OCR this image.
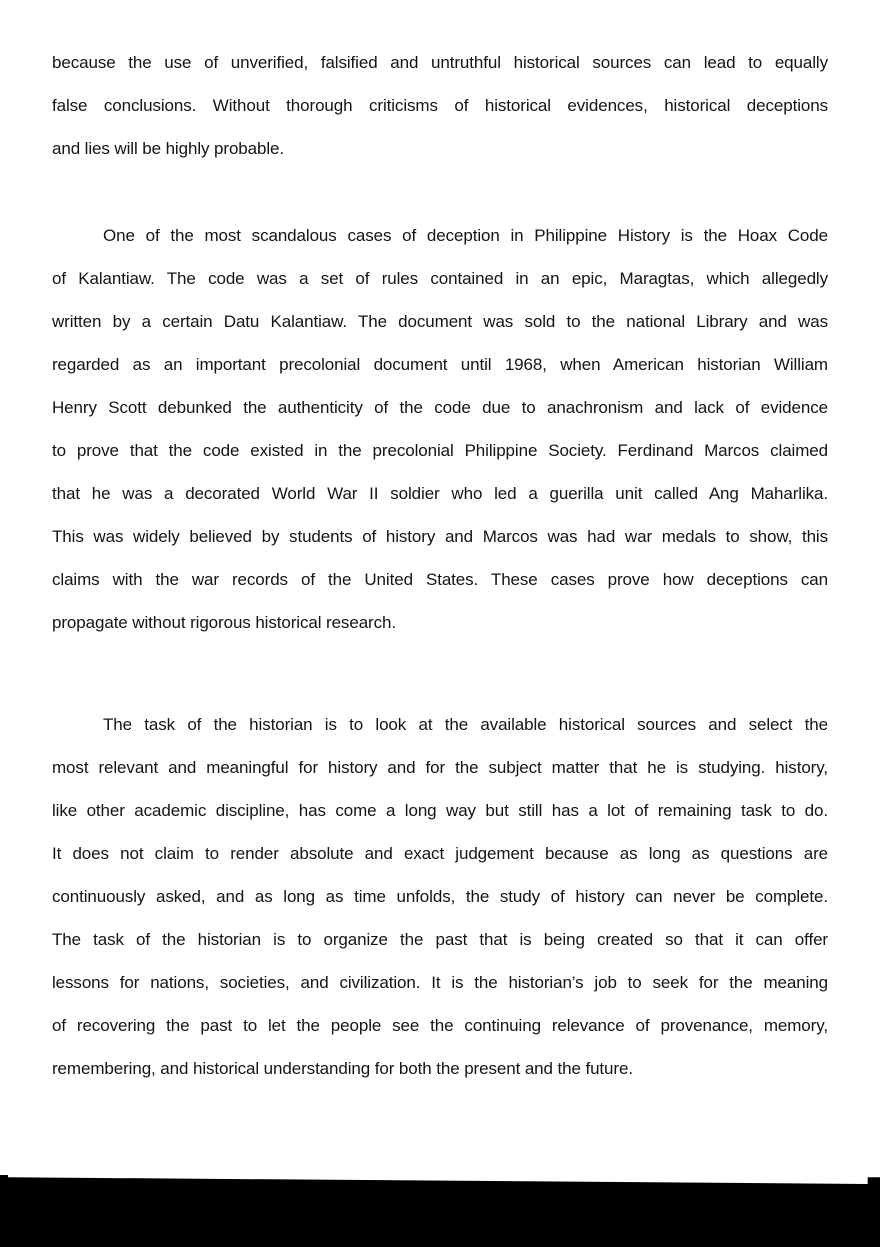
because the use of unverified, falsified and untruthful historical sources can lead to equally
false conclusions. Without thorough criticisms of historical evidences, historical deceptions
and lies will be highly probable.
One of the most scandalous cases of deception in Philippine History is the Hoax Code
of Kalantiaw. The code was a set of rules contained in an epic, Maragtas, which allegedly
written by a certain Datu Kalantiaw. The document was sold to the national Library and was
regarded as an important precolonial document until 1968, when American historian William
Henry Scott debunked the authenticity of the code due to anachronism and lack of evidence
to prove that the code existed in the precolonial Philippine Society. Ferdinand Marcos claimed
that he was a decorated World War II soldier who led a guerilla unit called Ang Maharlika.
This was widely believed by students of history and Marcos was had war medals to show, this
claims with the war records of the United States. These cases prove how deceptions can
propagate without rigorous historical research.
The task of the historian is to look at the available historical sources and select the
most relevant and meaningful for history and for the subject matter that he is studying. history,
like other academic discipline, has come a long way but still has a lot of remaining task to do.
It does not claim to render absolute and exact judgement because as long as questions are
continuously asked, and as long as time unfolds, the study of history can never be complete.
The task of the historian is to organize the past that is being created so that it can offer
lessons for nations, societies, and civilization. It is the historian’s job to seek for the meaning
of recovering the past to let the people see the continuing relevance of provenance, memory,
remembering, and historical understanding for both the present and the future.
